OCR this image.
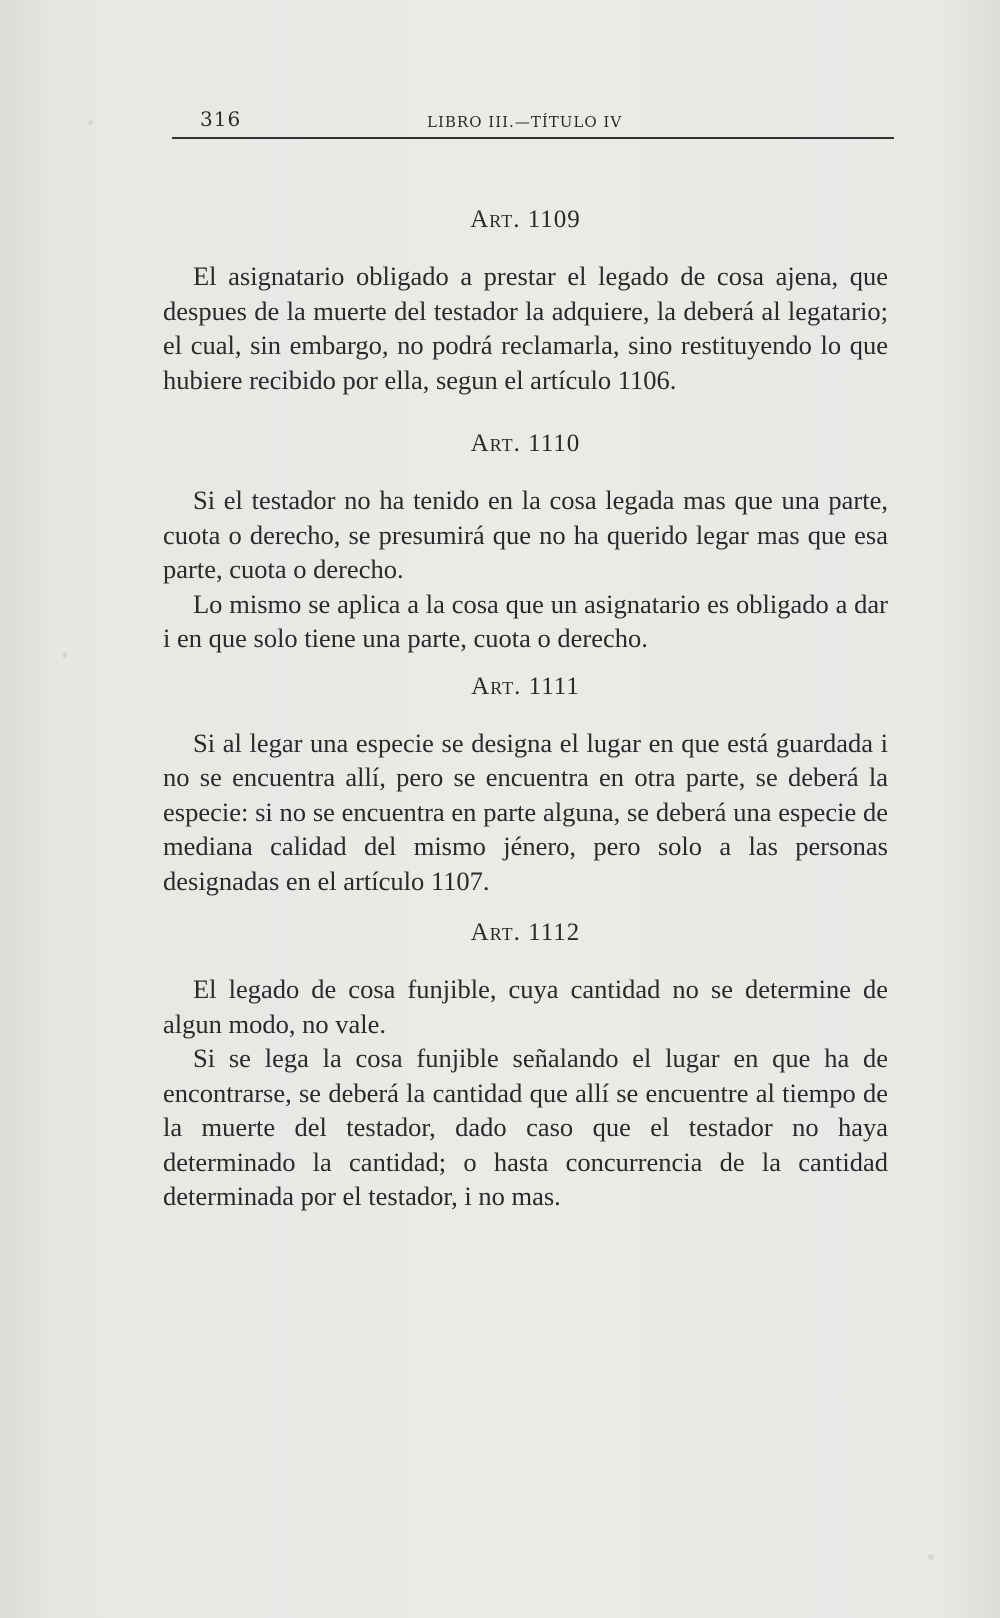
316	LIBRO III.—TÍTULO IV
Art. 1109

El asignatario obligado a prestar el legado de cosa ajena, que despues de la muerte del testador la adquiere, la deberá al legatario; el cual, sin embargo, no podrá reclamarla, sino restituyendo lo que hubiere recibido por ella, segun el artículo 1106.

Art. 1110

Si el testador no ha tenido en la cosa legada mas que una parte, cuota o derecho, se presumirá que no ha querido legar mas que esa parte, cuota o derecho.

Lo mismo se aplica a la cosa que un asignatario es obligado a dar i en que solo tiene una parte, cuota o derecho.

Art. 1111

Si al legar una especie se designa el lugar en que está guardada i no se encuentra allí, pero se encuentra en otra parte, se deberá la especie: si no se encuentra en parte alguna, se deberá una especie de mediana calidad del mismo jénero, pero solo a las personas designadas en el artículo 1107.

Art. 1112

El legado de cosa funjible, cuya cantidad no se determine de algun modo, no vale.

Si se lega la cosa funjible señalando el lugar en que ha de encontrarse, se deberá la cantidad que allí se encuentre al tiempo de la muerte del testador, dado caso que el testador no haya determinado la cantidad; o hasta concurrencia de la cantidad determinada por el testador, i no mas.
